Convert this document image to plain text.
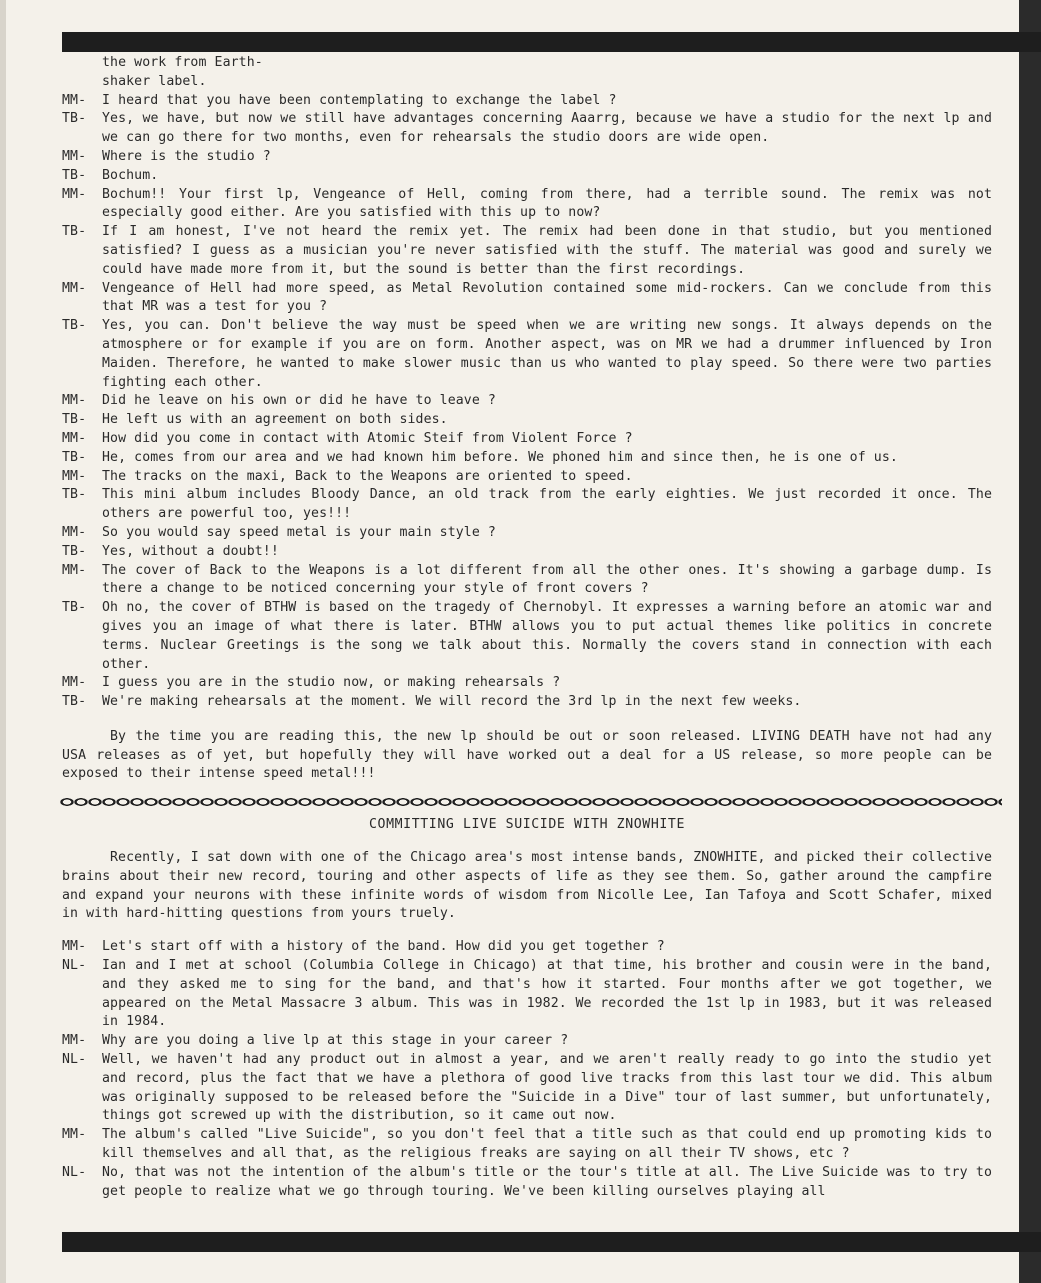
the work from Earth-
shaker label.
MM-	I heard that you have been contemplating to exchange the label ?
TB-	Yes, we have, but now we still have advantages concerning Aaarrg, because we have a studio for the next lp and we can go there for two months, even for rehearsals the studio doors are wide open.
MM-	Where is the studio ?
TB-	Bochum.
MM-	Bochum!! Your first lp, Vengeance of Hell, coming from there, had a terrible sound. The remix was not especially good either. Are you satisfied with this up to now?
TB-	If I am honest, I've not heard the remix yet. The remix had been done in that studio, but you mentioned satisfied? I guess as a musician you're never satisfied with the stuff. The material was good and surely we could have made more from it, but the sound is better than the first recordings.
MM-	Vengeance of Hell had more speed, as Metal Revolution contained some mid-rockers. Can we conclude from this that MR was a test for you ?
TB-	Yes, you can. Don't believe the way must be speed when we are writing new songs. It always depends on the atmosphere or for example if you are on form. Another aspect, was on MR we had a drummer influenced by Iron Maiden. Therefore, he wanted to make slower music than us who wanted to play speed. So there were two parties fighting each other.
MM-	Did he leave on his own or did he have to leave ?
TB-	He left us with an agreement on both sides.
MM-	How did you come in contact with Atomic Steif from Violent Force ?
TB-	He, comes from our area and we had known him before. We phoned him and since then, he is one of us.
MM-	The tracks on the maxi, Back to the Weapons are oriented to speed.
TB-	This mini album includes Bloody Dance, an old track from the early eighties. We just recorded it once. The others are powerful too, yes!!!
MM-	So you would say speed metal is your main style ?
TB-	Yes, without a doubt!!
MM-	The cover of Back to the Weapons is a lot different from all the other ones. It's showing a garbage dump. Is there a change to be noticed concerning your style of front covers ?
TB-	Oh no, the cover of BTHW is based on the tragedy of Chernobyl. It expresses a warning before an atomic war and gives you an image of what there is later. BTHW allows you to put actual themes like politics in concrete terms. Nuclear Greetings is the song we talk about this. Normally the covers stand in connection with each other.
MM-	I guess you are in the studio now, or making rehearsals ?
TB-	We're making rehearsals at the moment. We will record the 3rd lp in the next few weeks.
By the time you are reading this, the new lp should be out or soon released. LIVING DEATH have not had any USA releases as of yet, but hopefully they will have worked out a deal for a US release, so more people can be exposed to their intense speed metal!!!
COMMITTING LIVE SUICIDE WITH ZNOWHITE
Recently, I sat down with one of the Chicago area's most intense bands, ZNOWHITE, and picked their collective brains about their new record, touring and other aspects of life as they see them. So, gather around the campfire and expand your neurons with these infinite words of wisdom from Nicolle Lee, Ian Tafoya and Scott Schafer, mixed in with hard-hitting questions from yours truely.
MM-	Let's start off with a history of the band. How did you get together ?
NL-	Ian and I met at school (Columbia College in Chicago) at that time, his brother and cousin were in the band, and they asked me to sing for the band, and that's how it started. Four months after we got together, we appeared on the Metal Massacre 3 album. This was in 1982. We recorded the 1st lp in 1983, but it was released in 1984.
MM-	Why are you doing a live lp at this stage in your career ?
NL-	Well, we haven't had any product out in almost a year, and we aren't really ready to go into the studio yet and record, plus the fact that we have a plethora of good live tracks from this last tour we did. This album was originally supposed to be released before the "Suicide in a Dive" tour of last summer, but unfortunately, things got screwed up with the distribution, so it came out now.
MM-	The album's called "Live Suicide", so you don't feel that a title such as that could end up promoting kids to kill themselves and all that, as the religious freaks are saying on all their TV shows, etc ?
NL-	No, that was not the intention of the album's title or the tour's title at all. The Live Suicide was to try to get people to realize what we go through touring. We've been killing ourselves playing all
